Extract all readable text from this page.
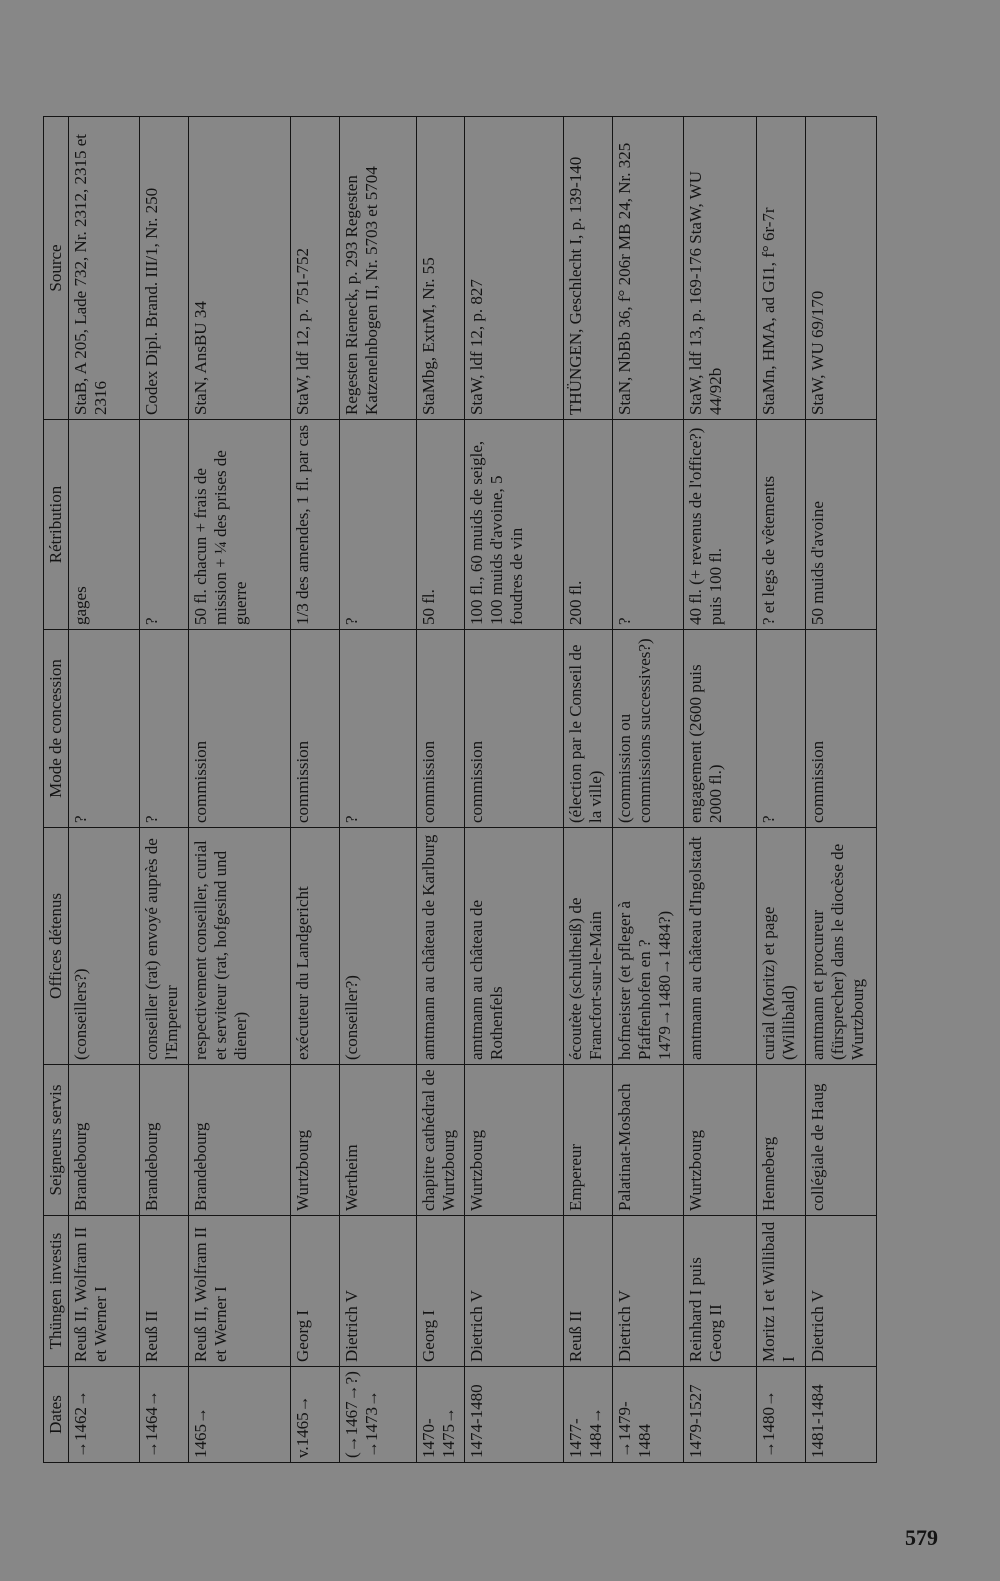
Dates	Thüngen investis	Seigneurs servis	Offices détenus	Mode de concession	Rétribution	Source
→1462→	Reuß II, Wolfram II et Werner I	Brandebourg	(conseillers?)	?	gages	StaB, A 205, Lade 732, Nr. 2312, 2315 et 2316
→1464→	Reuß II	Brandebourg	conseiller (rat) envoyé auprès de l'Empereur	?	?	Codex Dipl. Brand. III/1, Nr. 250
1465→	Reuß II, Wolfram II et Werner I	Brandebourg	respectivement conseiller, curial et serviteur (rat, hofgesind und diener)	commission	50 fl. chacun + frais de mission + ¼ des prises de guerre	StaN, AnsBU 34
v.1465→	Georg I	Wurtzbourg	exécuteur du Landgericht	commission	1/3 des amendes, 1 fl. par cas	StaW, ldf 12, p. 751-752
(→1467→?) →1473→	Dietrich V	Wertheim	(conseiller?)	?	?	Regesten Rieneck, p. 293 Regesten Katzenelnbogen II, Nr. 5703 et 5704
1470-1475→	Georg I	chapitre cathédral de Wurtzbourg	amtmann au château de Karlburg	commission	50 fl.	StaMbg, ExtrM, Nr. 55
1474-1480	Dietrich V	Wurtzbourg	amtmann au château de Rothenfels	commission	100 fl., 60 muids de seigle, 100 muids d'avoine, 5 foudres de vin	StaW, ldf 12, p. 827
1477-1484→	Reuß II	Empereur	écoutète (schultheiß) de Francfort-sur-le-Main	(élection par le Conseil de la ville)	200 fl.	THÜNGEN, Geschlecht I, p. 139-140
→1479-1484	Dietrich V	Palatinat-Mosbach	hofmeister (et pfleger à Pfaffenhofen en ?1479→1480→1484?)	(commission ou commissions successives?)	?	StaN, NbBb 36, f° 206r MB 24, Nr. 325
1479-1527	Reinhard I puis Georg II	Wurtzbourg	amtmann au château d'Ingolstadt	engagement (2600 puis 2000 fl.)	40 fl. (+ revenus de l'office?) puis 100 fl.	StaW, ldf 13, p. 169-176 StaW, WU 44/92b
→1480→	Moritz I et Willibald I	Henneberg	curial (Moritz) et page (Willibald)	?	? et legs de vêtements	StaMn, HMA, ad GI1, f° 6r-7r
1481-1484	Dietrich V	collégiale de Haug	amtmann et procureur (fürsprecher) dans le diocèse de Wurtzbourg	commission	50 muids d'avoine	StaW, WU 69/170
579
